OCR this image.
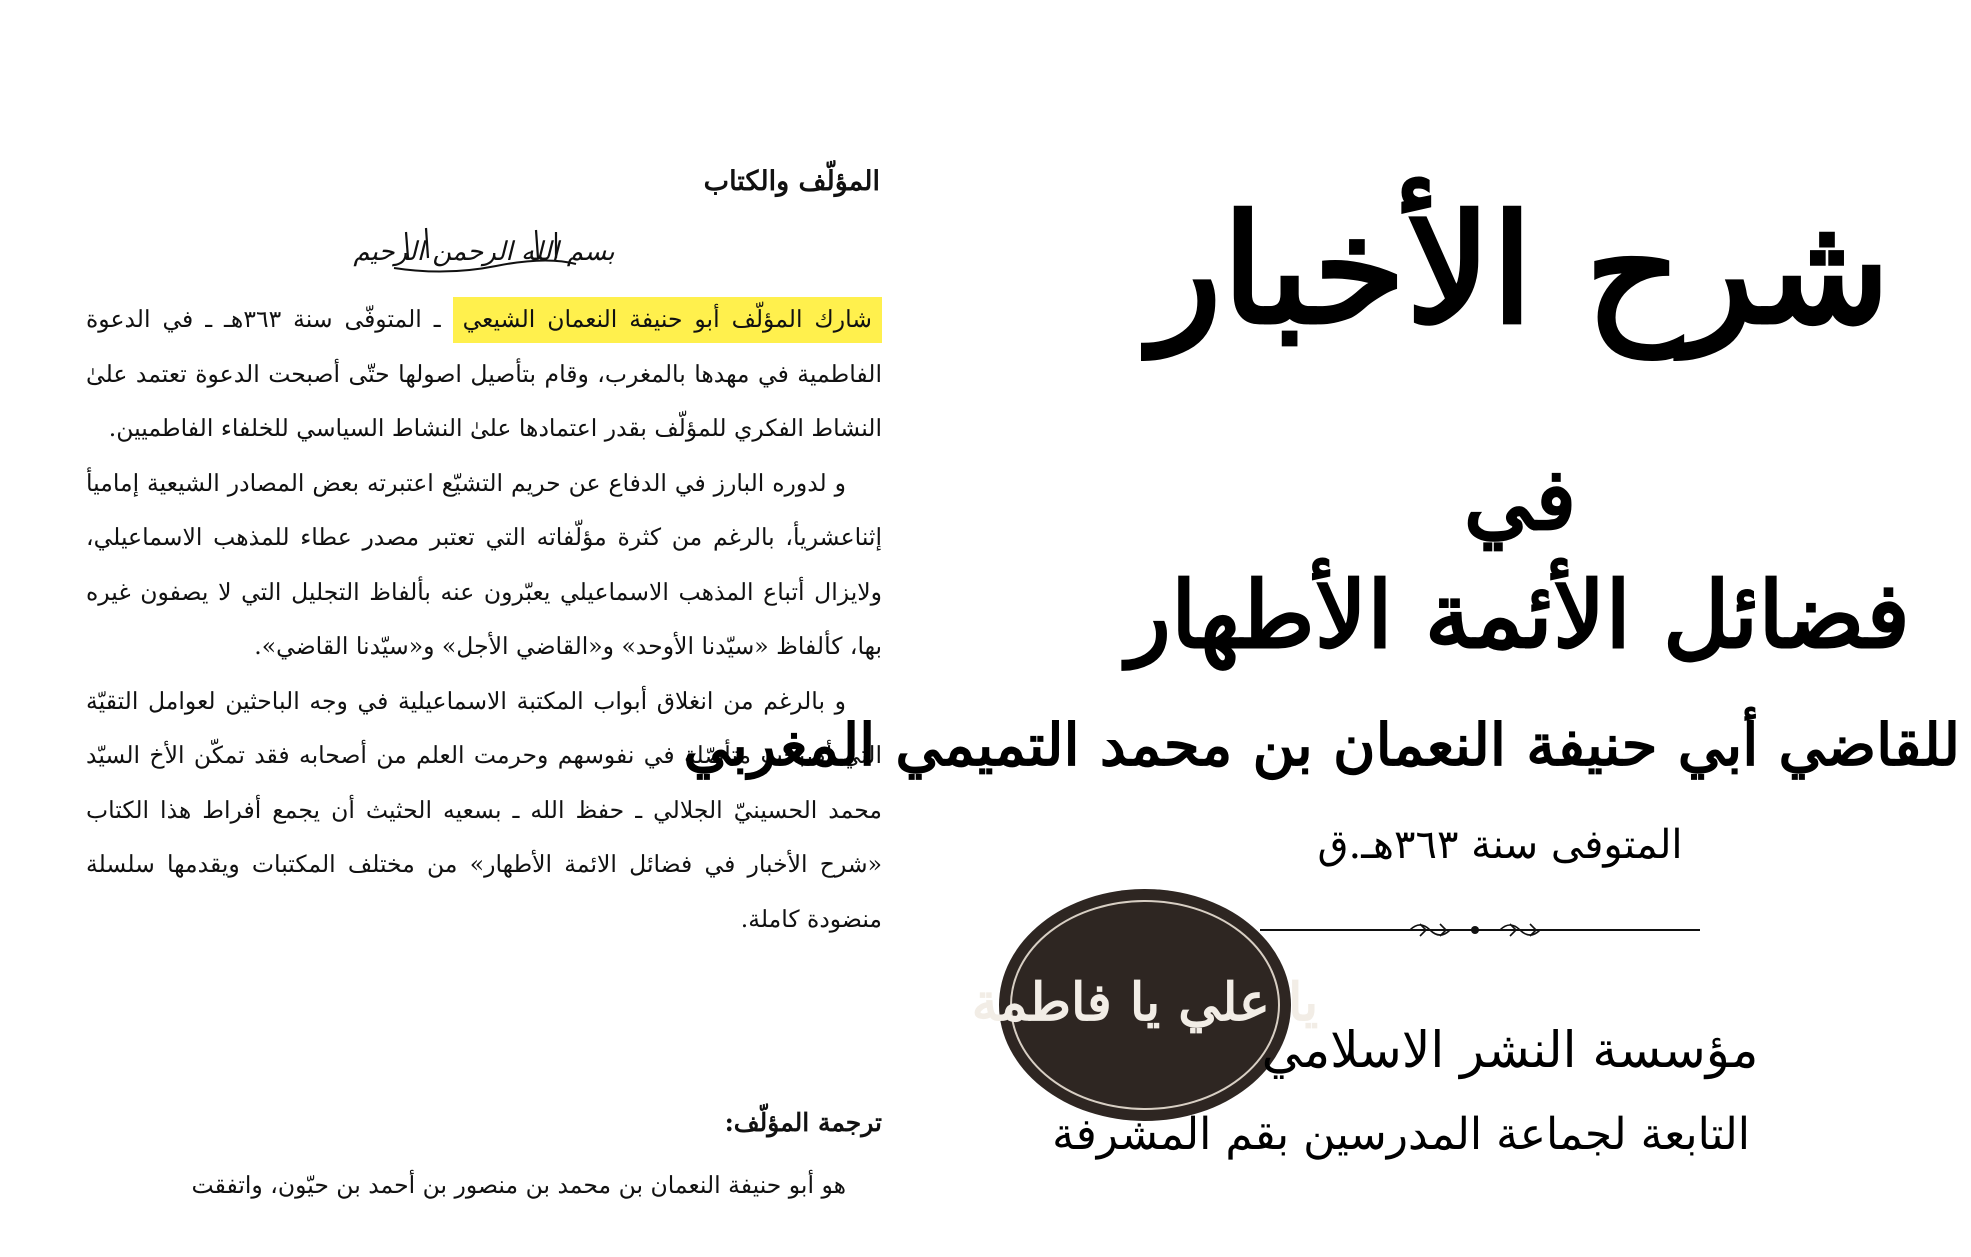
المؤلّف والكتاب
بسم الله الرحمن الرحيم

شارك المؤلّف أبو حنيفة النعمان الشيعي ـ المتوفّى سنة ٣٦٣هـ ـ في الدعوة الفاطمية في مهدها بالمغرب، وقام بتأصيل اصولها حتّى أصبحت الدعوة تعتمد علىٰ النشاط الفكري للمؤلّف بقدر اعتمادها علىٰ النشاط السياسي للخلفاء الفاطميين.

و لدوره البارز في الدفاع عن حريم التشيّع اعتبرته بعض المصادر الشيعية إماميأ إثناعشريأ، بالرغم من كثرة مؤلّفاته التي تعتبر مصدر عطاء للمذهب الاسماعيلي، ولايزال أتباع المذهب الاسماعيلي يعبّرون عنه بألفاظ التجليل التي لا يصفون غيره بها، كألفاظ «سيّدنا الأوحد» و«القاضي الأجل» و«سيّدنا القاضي».

و بالرغم من انغلاق أبواب المكتبة الاسماعيلية في وجه الباحثين لعوامل التقيّة التي أصبحت متأصّلة في نفوسهم وحرمت العلم من أصحابه فقد تمكّن الأخ السيّد محمد الحسينيّ الجلالي ـ حفظ الله ـ بسعيه الحثيث أن يجمع أفراط هذا الكتاب «شرح الأخبار في فضائل الائمة الأطهار» من مختلف المكتبات ويقدمها سلسلة منضودة كاملة.

ترجمة المؤلّف:
هو أبو حنيفة النعمان بن محمد بن منصور بن أحمد بن حيّون، واتفقت
شرح الأخبار
في
فضائل الأئمة الأطهار
للقاضي أبي حنيفة النعمان بن محمد التميمي المغربي
المتوفى سنة ٣٦٣هـ.ق
يا علي يا فاطمة
مؤسسة النشر الاسلامي
التابعة لجماعة المدرسين بقم المشرفة
